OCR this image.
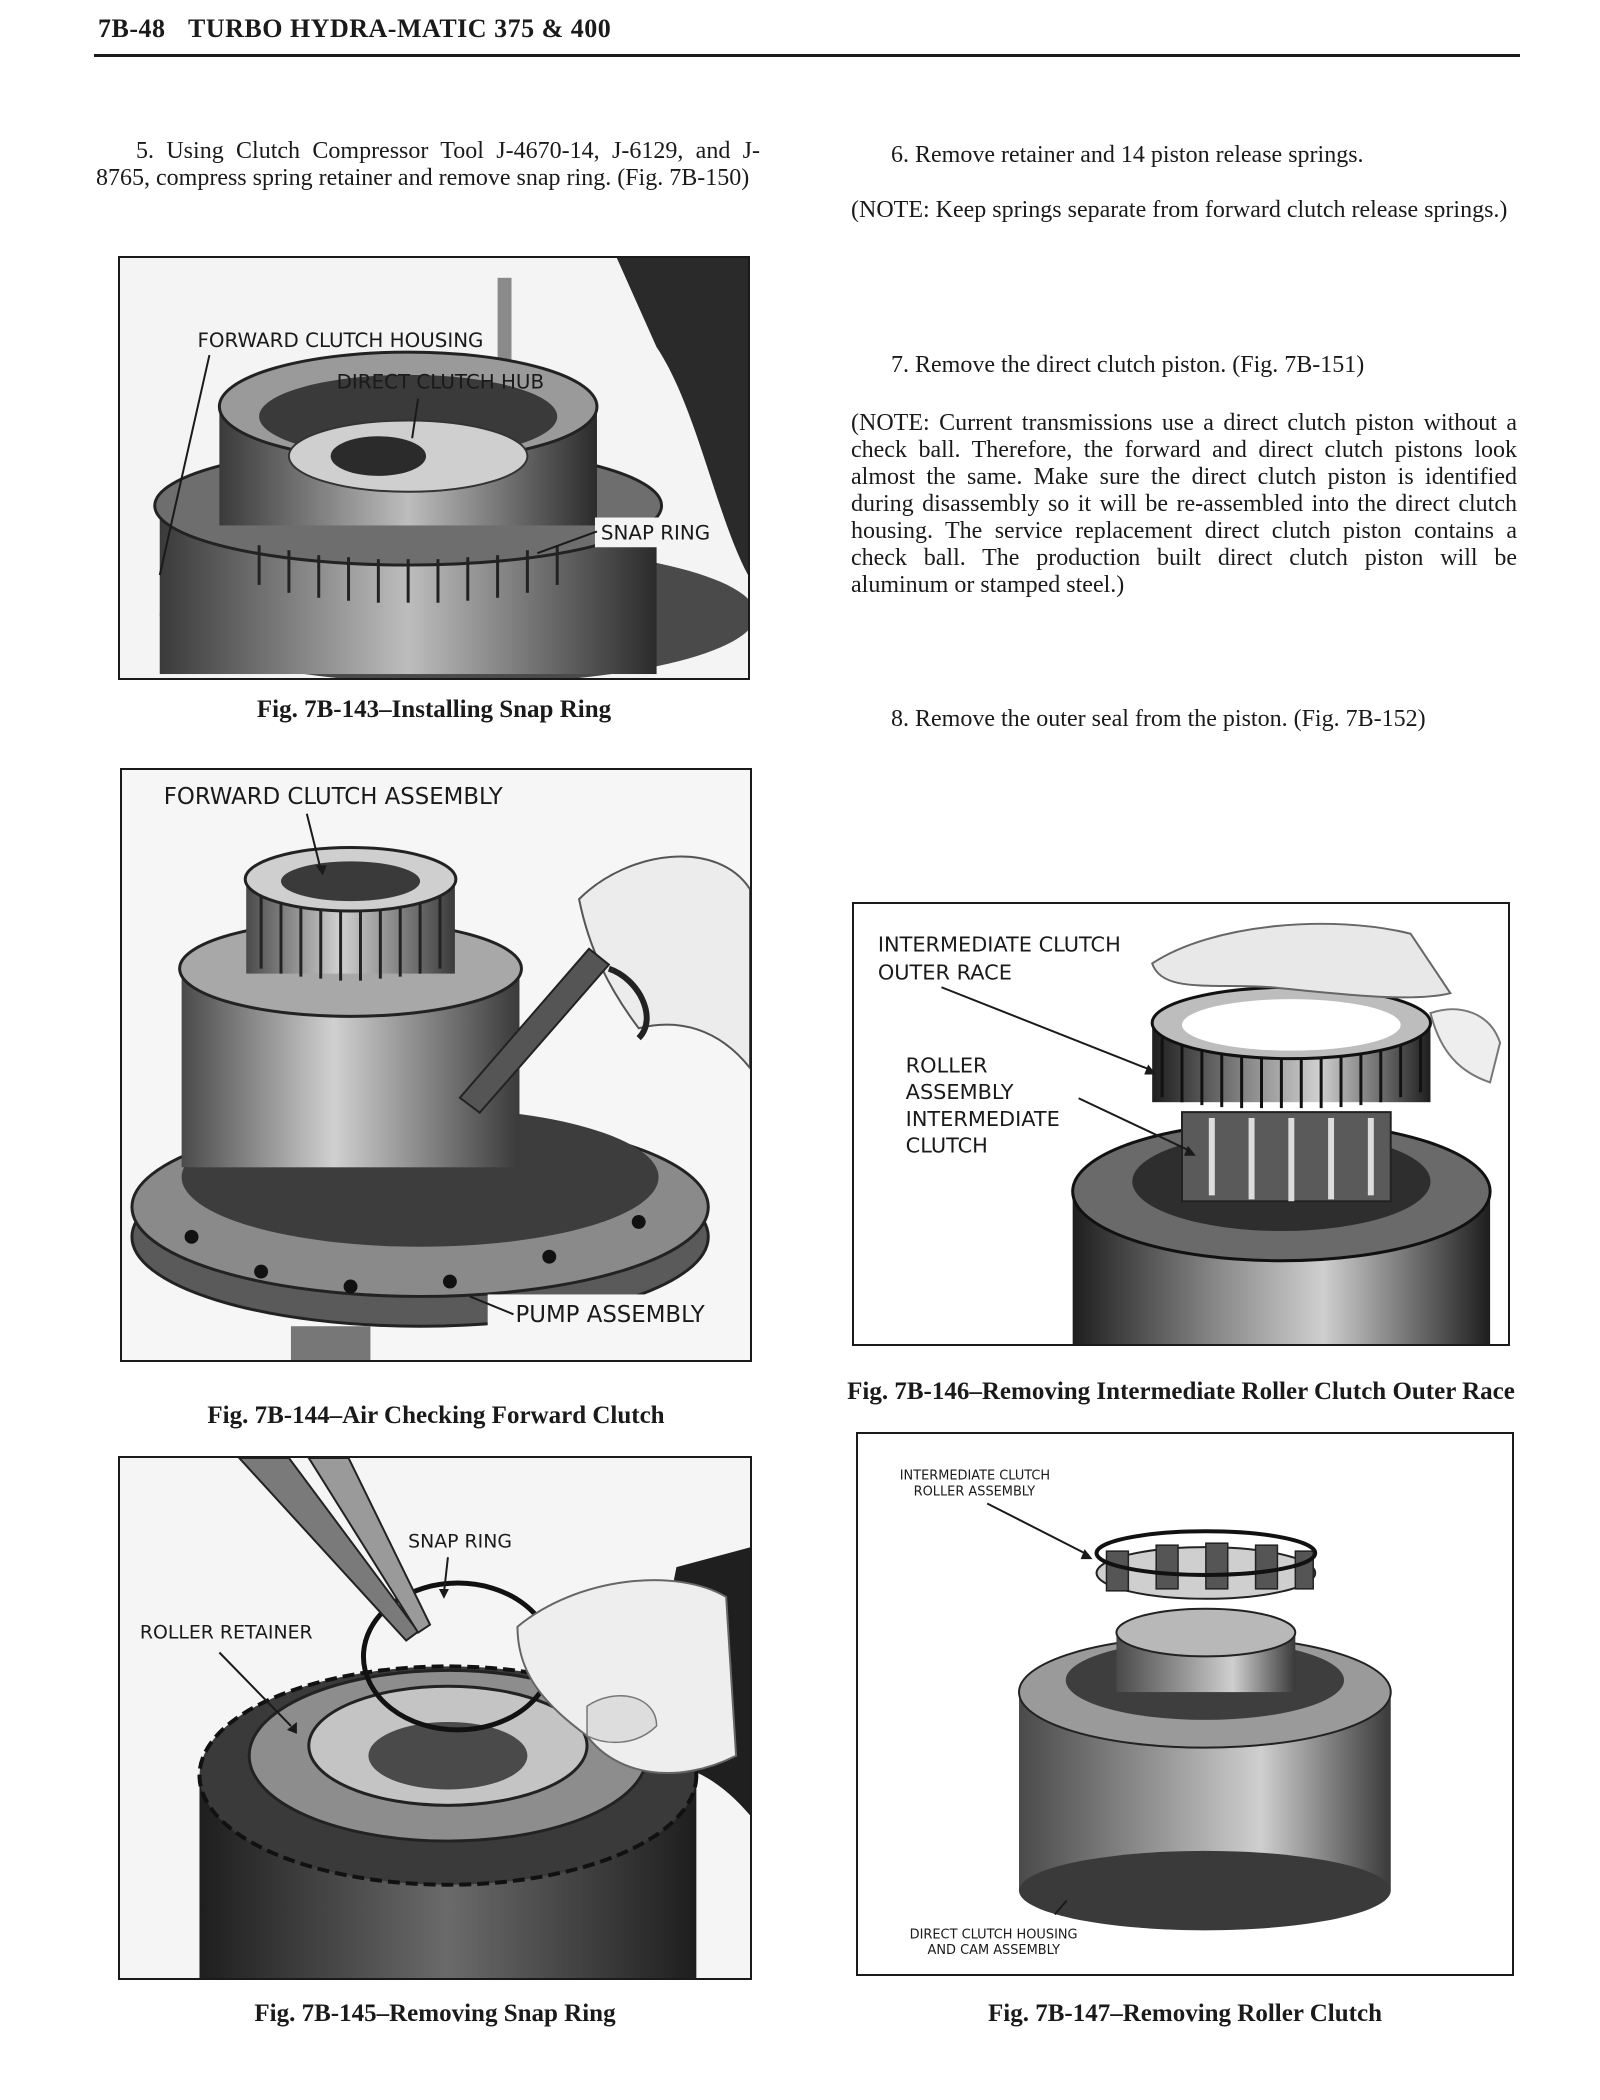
7B-48 TURBO HYDRA-MATIC 375 & 400

5. Using Clutch Compressor Tool J-4670-14, J-6129, and J-8765, compress spring retainer and remove snap ring. (Fig. 7B-150)

6. Remove retainer and 14 piston release springs.

(NOTE: Keep springs separate from forward clutch release springs.)

7. Remove the direct clutch piston. (Fig. 7B-151)

(NOTE: Current transmissions use a direct clutch piston without a check ball. Therefore, the forward and direct clutch pistons look almost the same. Make sure the direct clutch piston is identified during disassembly so it will be re-assembled into the direct clutch housing. The service replacement direct clutch piston contains a check ball. The production built direct clutch piston will be aluminum or stamped steel.)

8. Remove the outer seal from the piston. (Fig. 7B-152)

FORWARD CLUTCH HOUSING
DIRECT CLUTCH HUB
SNAP RING
Fig. 7B-143–Installing Snap Ring
FORWARD CLUTCH ASSEMBLY
PUMP ASSEMBLY
Fig. 7B-144–Air Checking Forward Clutch
SNAP RING
ROLLER RETAINER
Fig. 7B-145–Removing Snap Ring
INTERMEDIATE CLUTCH
OUTER RACE
ROLLER
ASSEMBLY
INTERMEDIATE
CLUTCH
Fig. 7B-146–Removing Intermediate Roller Clutch Outer Race
INTERMEDIATE CLUTCH
ROLLER ASSEMBLY
DIRECT CLUTCH HOUSING
AND CAM ASSEMBLY
Fig. 7B-147–Removing Roller Clutch
